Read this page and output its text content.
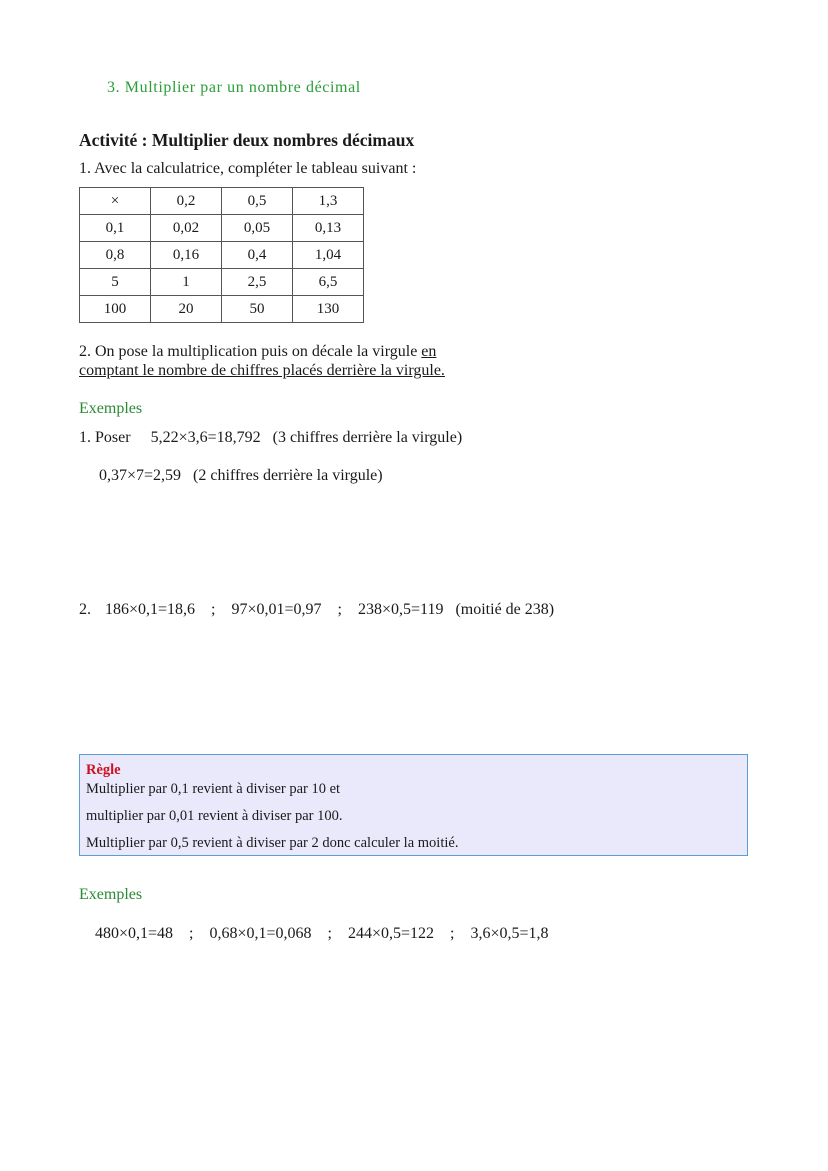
3. Multiplier par un nombre décimal
Activité : Multiplier deux nombres décimaux
1. Avec la calculatrice, compléter le tableau suivant :
×	0,2	0,5	1,3
0,1	0,02	0,05	0,13
0,8	0,16	0,4	1,04
5	1	2,5	6,5
100	20	50	130
2. On pose la multiplication puis on décale la virgule en
comptant le nombre de chiffres placés derrière la virgule.
Exemples
1. Poser 5,22×3,6=18,792 (3 chiffres derrière la virgule)
0,37×7=2,59 (2 chiffres derrière la virgule)
2. 186×0,1=18,6 ; 97×0,01=0,97 ; 238×0,5=119 (moitié de 238)
Règle
Multiplier par 0,1 revient à diviser par 10 et
multiplier par 0,01 revient à diviser par 100.
Multiplier par 0,5 revient à diviser par 2 donc calculer la moitié.
Exemples
480×0,1=48 ; 0,68×0,1=0,068 ; 244×0,5=122 ; 3,6×0,5=1,8
